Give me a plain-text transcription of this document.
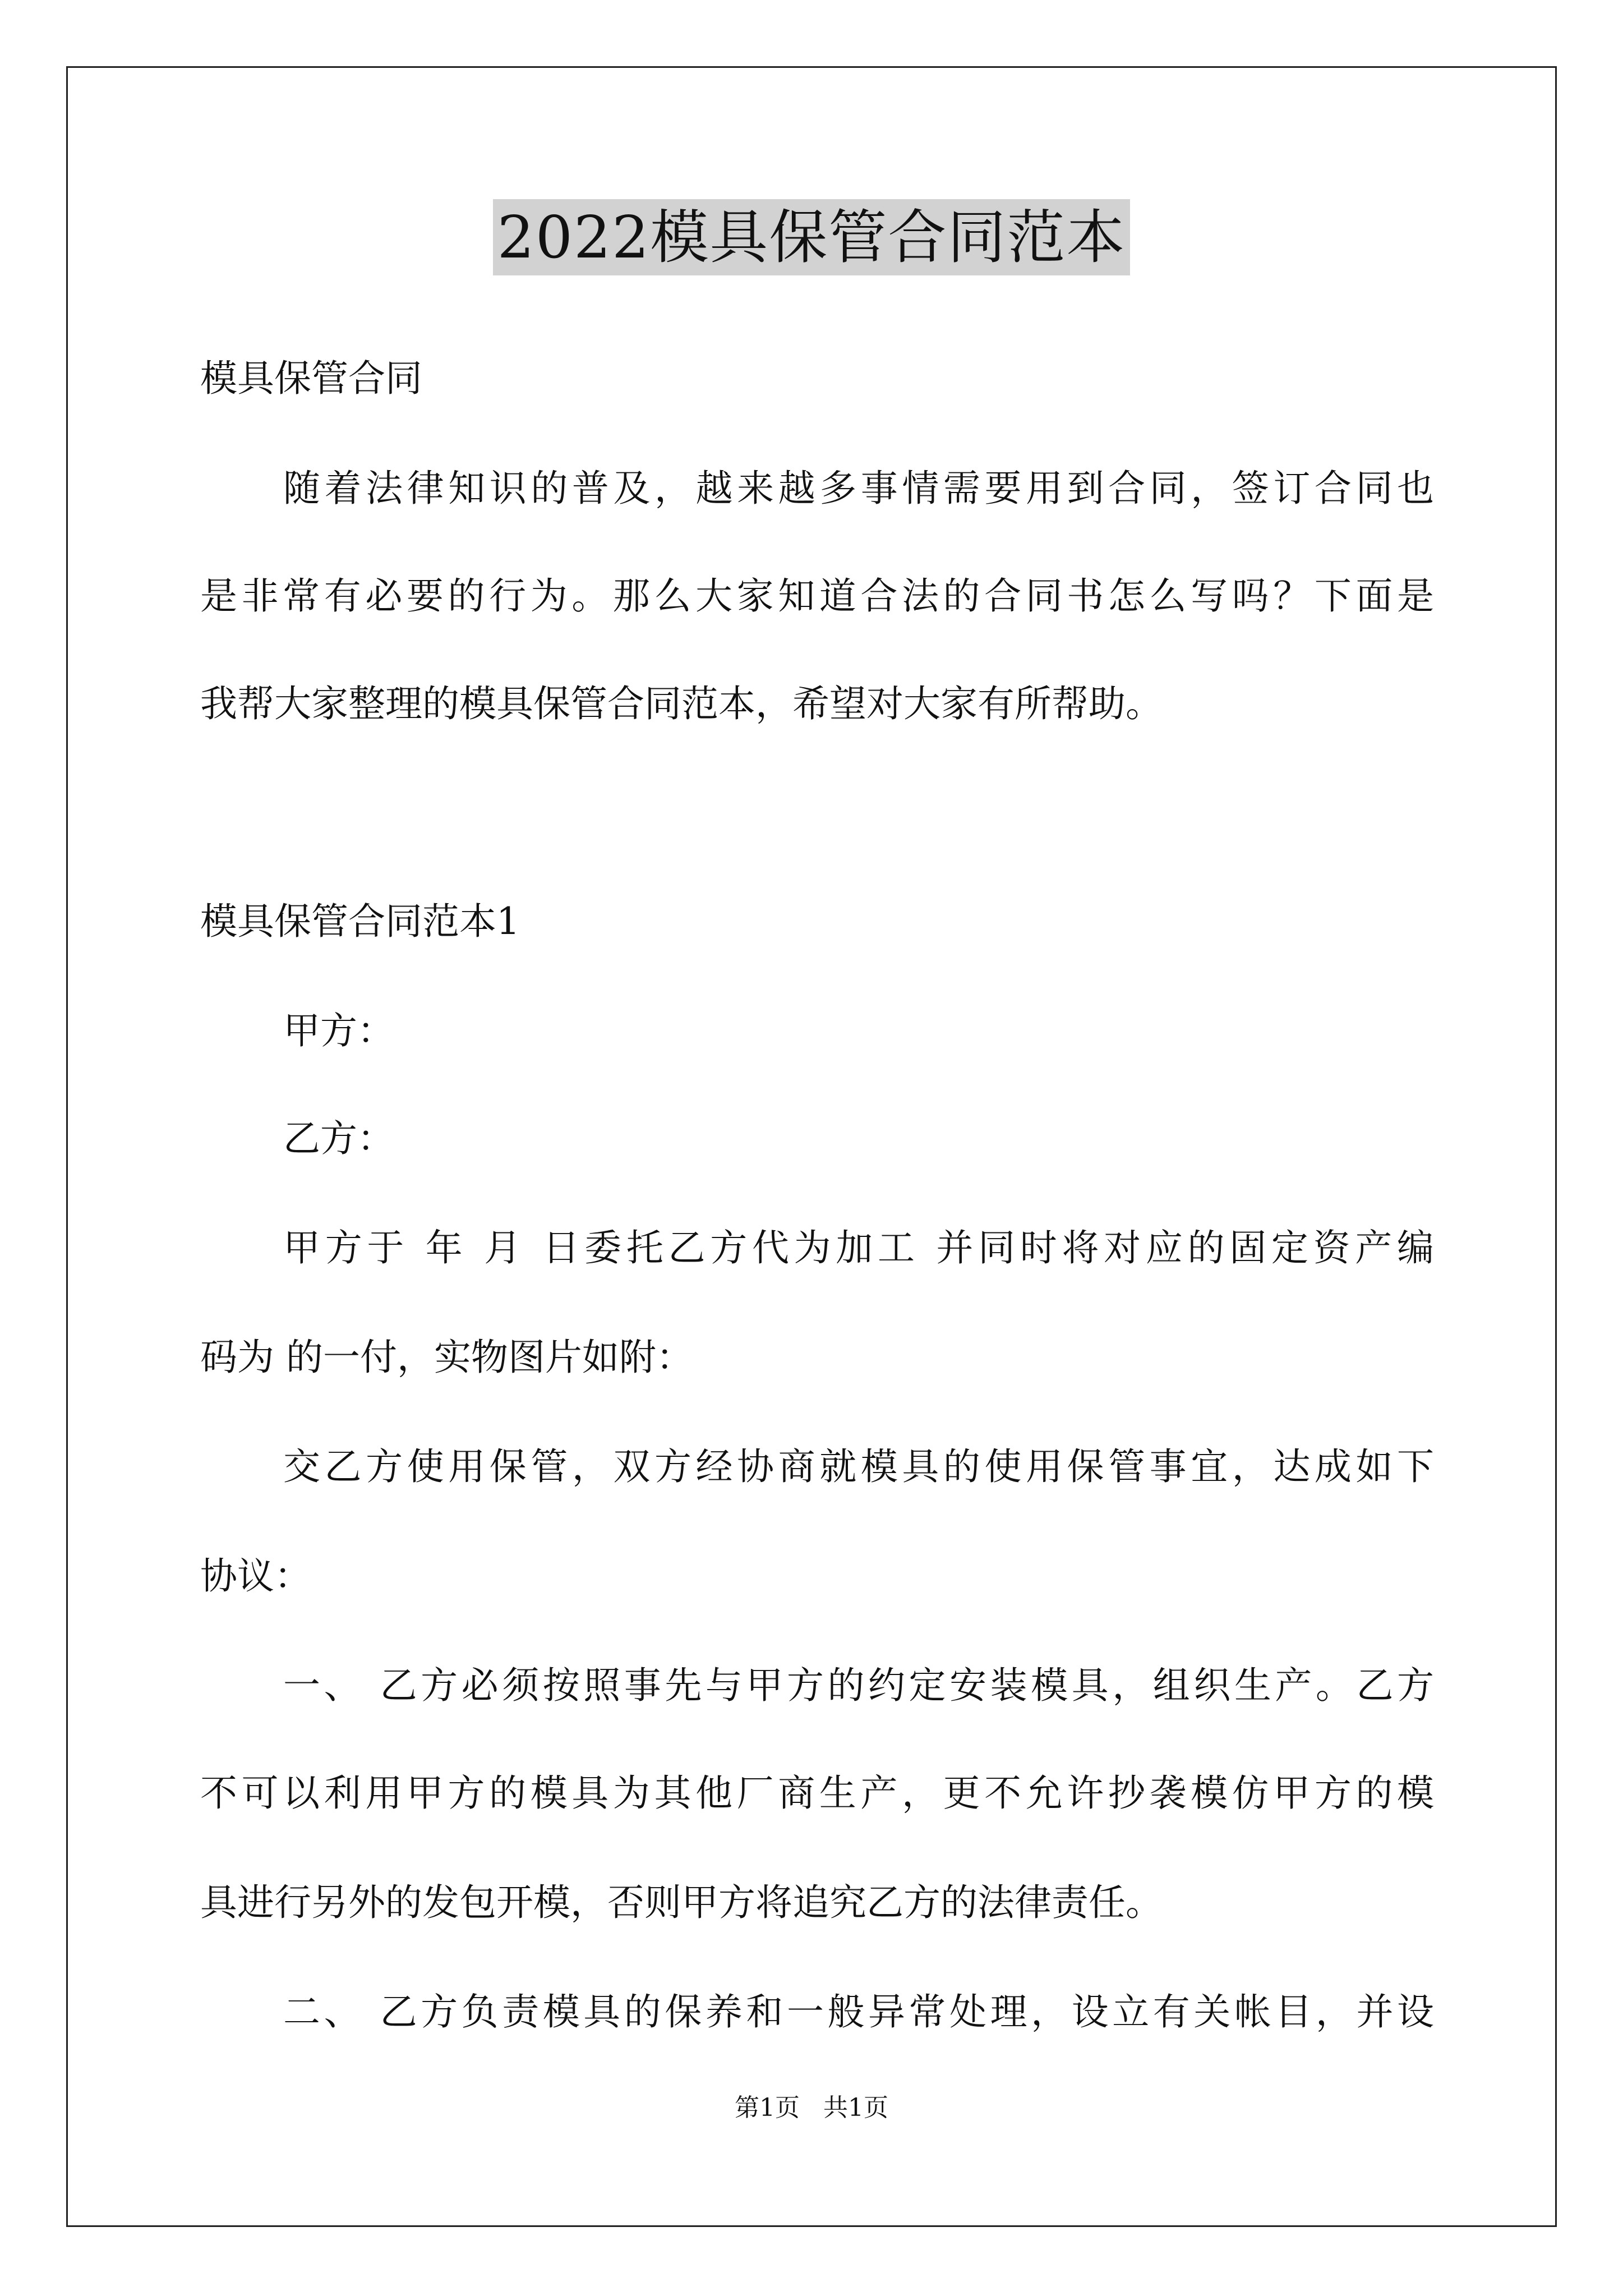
2022模具保管合同范本
模具保管合同
随着法律知识的普及，越来越多事情需要用到合同，签订合同也
是非常有必要的行为。那么大家知道合法的合同书怎么写吗？下面是
我帮大家整理的模具保管合同范本，希望对大家有所帮助。
模具保管合同范本1
甲方：
乙方：
甲方于 年 月 日委托乙方代为加工 并同时将对应的固定资产编
码为 的一付，实物图片如附：
交乙方使用保管，双方经协商就模具的使用保管事宜，达成如下
协议：
一、 乙方必须按照事先与甲方的约定安装模具，组织生产。乙方
不可以利用甲方的模具为其他厂商生产，更不允许抄袭模仿甲方的模
具进行另外的发包开模，否则甲方将追究乙方的法律责任。
二、 乙方负责模具的保养和一般异常处理，设立有关帐目，并设
第1页   共1页
